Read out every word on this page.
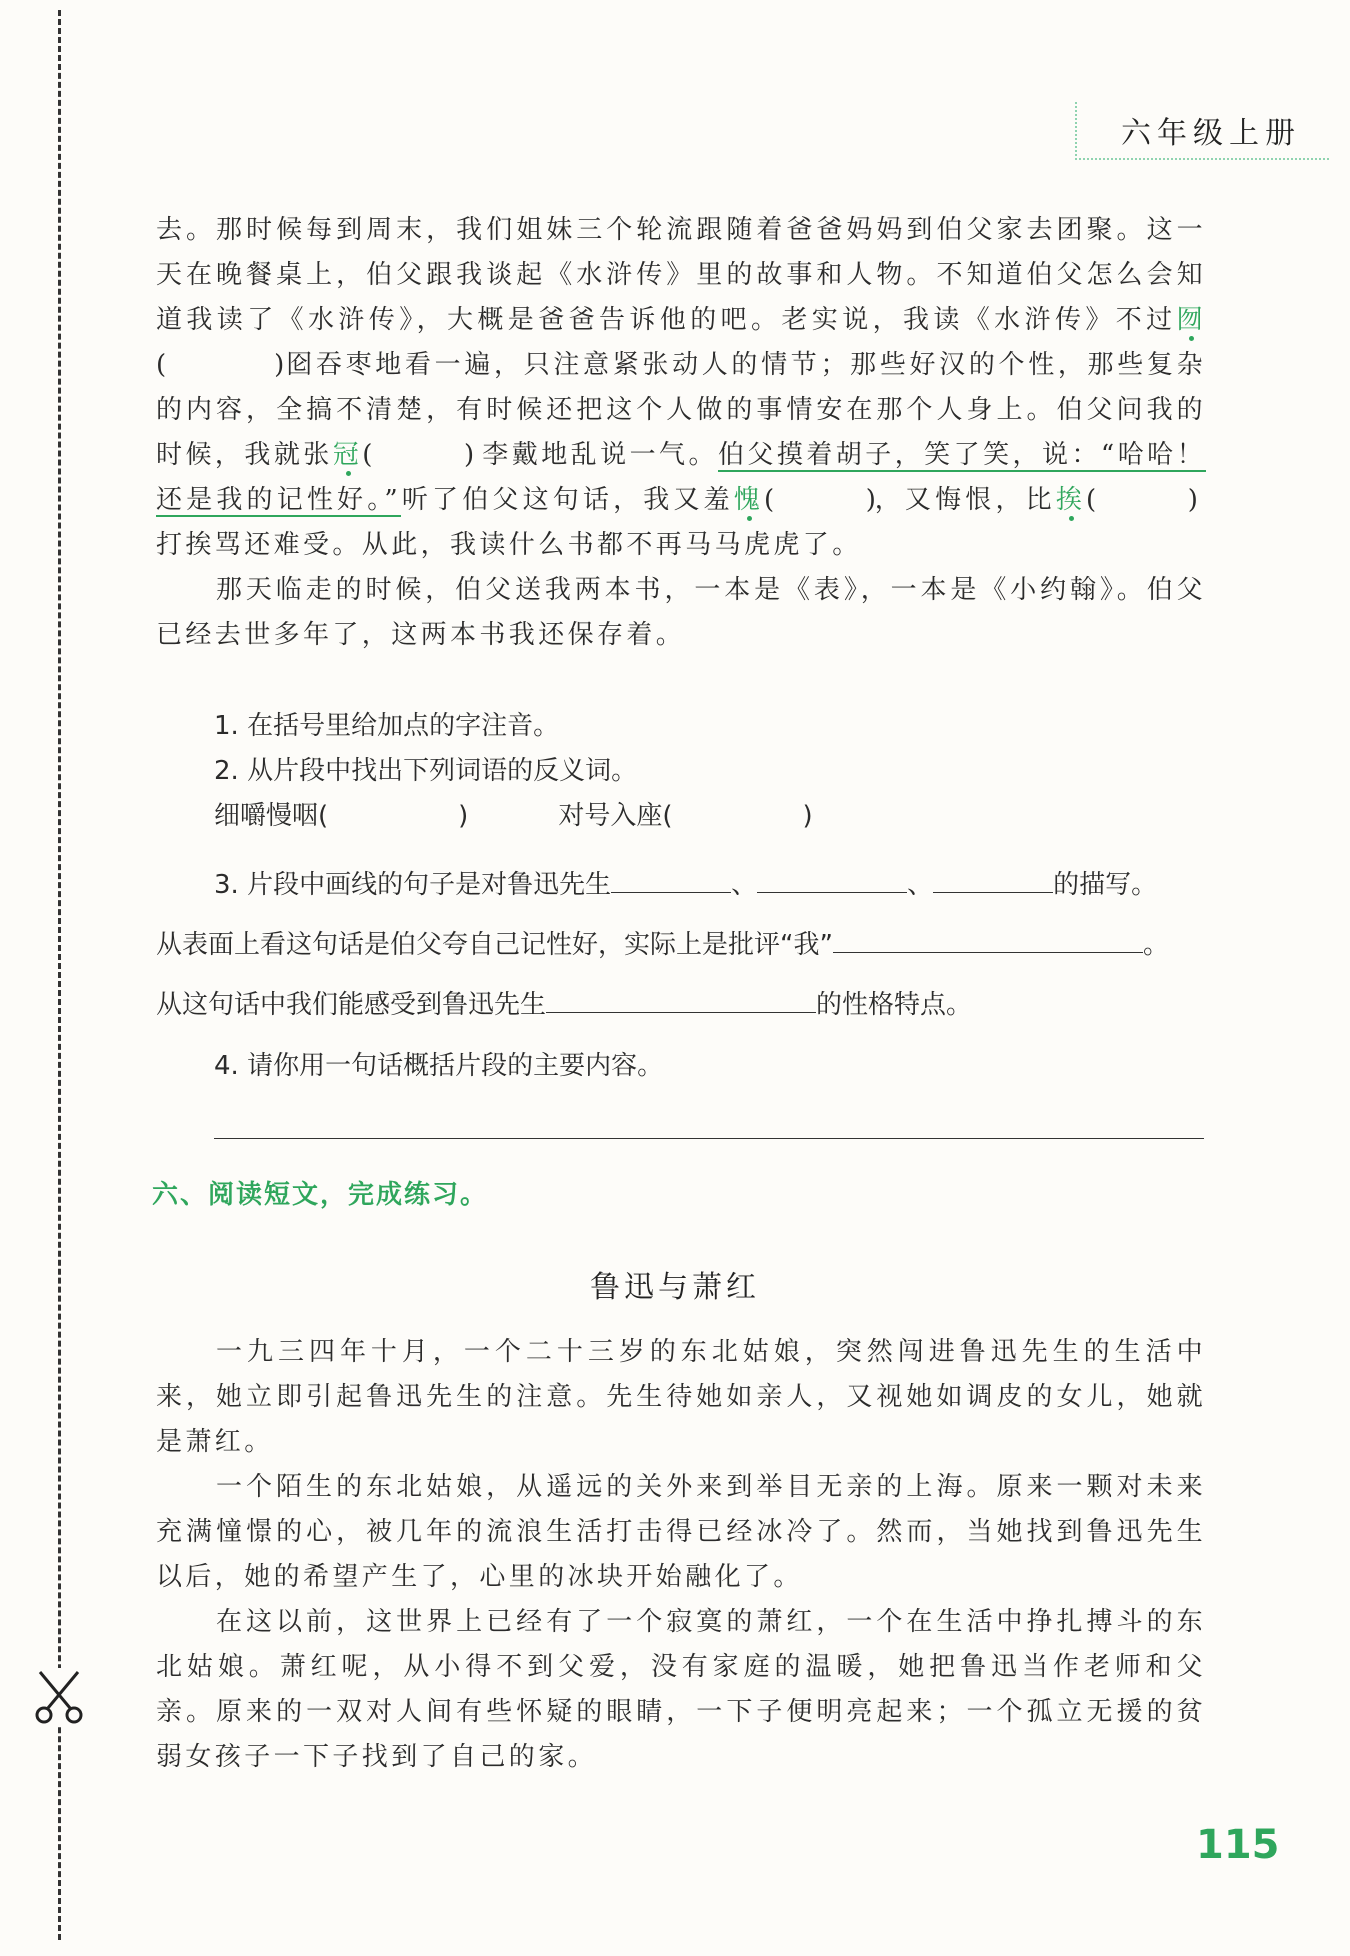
六年级上册

去。那时候每到周末，我们姐妹三个轮流跟随着爸爸妈妈到伯父家去团聚。这一天在晚餐桌上，伯父跟我谈起《水浒传》里的故事和人物。不知道伯父怎么会知道我读了《水浒传》，大概是爸爸告诉他的吧。老实说，我读《水浒传》不过囫(    )囵吞枣地看一遍，只注意紧张动人的情节；那些好汉的个性，那些复杂的内容，全搞不清楚，有时候还把这个人做的事情安在那个人身上。伯父问我的时候，我就张冠(   ) 李戴地乱说一气。伯父摸着胡子，笑了笑，说：“哈哈！还是我的记性好。”听了伯父这句话，我又羞愧(   )，又悔恨，比挨(   )打挨骂还难受。从此，我读什么书都不再马马虎虎了。

那天临走的时候，伯父送我两本书，一本是《表》，一本是《小约翰》。伯父已经去世多年了，这两本书我还保存着。

1. 在括号里给加点的字注音。

2. 从片段中找出下列词语的反义词。

细嚼慢咽(     )	对号入座(     )

3. 片段中画线的句子是对鲁迅先生	、	、	的描写。

从表面上看这句话是伯父夸自己记性好，实际上是批评“我”	。

从这句话中我们能感受到鲁迅先生	的性格特点。

4. 请你用一句话概括片段的主要内容。

六、阅读短文，完成练习。
鲁迅与萧红

一九三四年十月，一个二十三岁的东北姑娘，突然闯进鲁迅先生的生活中来，她立即引起鲁迅先生的注意。先生待她如亲人，又视她如调皮的女儿，她就是萧红。

一个陌生的东北姑娘，从遥远的关外来到举目无亲的上海。原来一颗对未来充满憧憬的心，被几年的流浪生活打击得已经冰冷了。然而，当她找到鲁迅先生以后，她的希望产生了，心里的冰块开始融化了。

在这以前，这世界上已经有了一个寂寞的萧红，一个在生活中挣扎搏斗的东北姑娘。萧红呢，从小得不到父爱，没有家庭的温暖，她把鲁迅当作老师和父亲。原来的一双对人间有些怀疑的眼睛，一下子便明亮起来；一个孤立无援的贫弱女孩子一下子找到了自己的家。

115
